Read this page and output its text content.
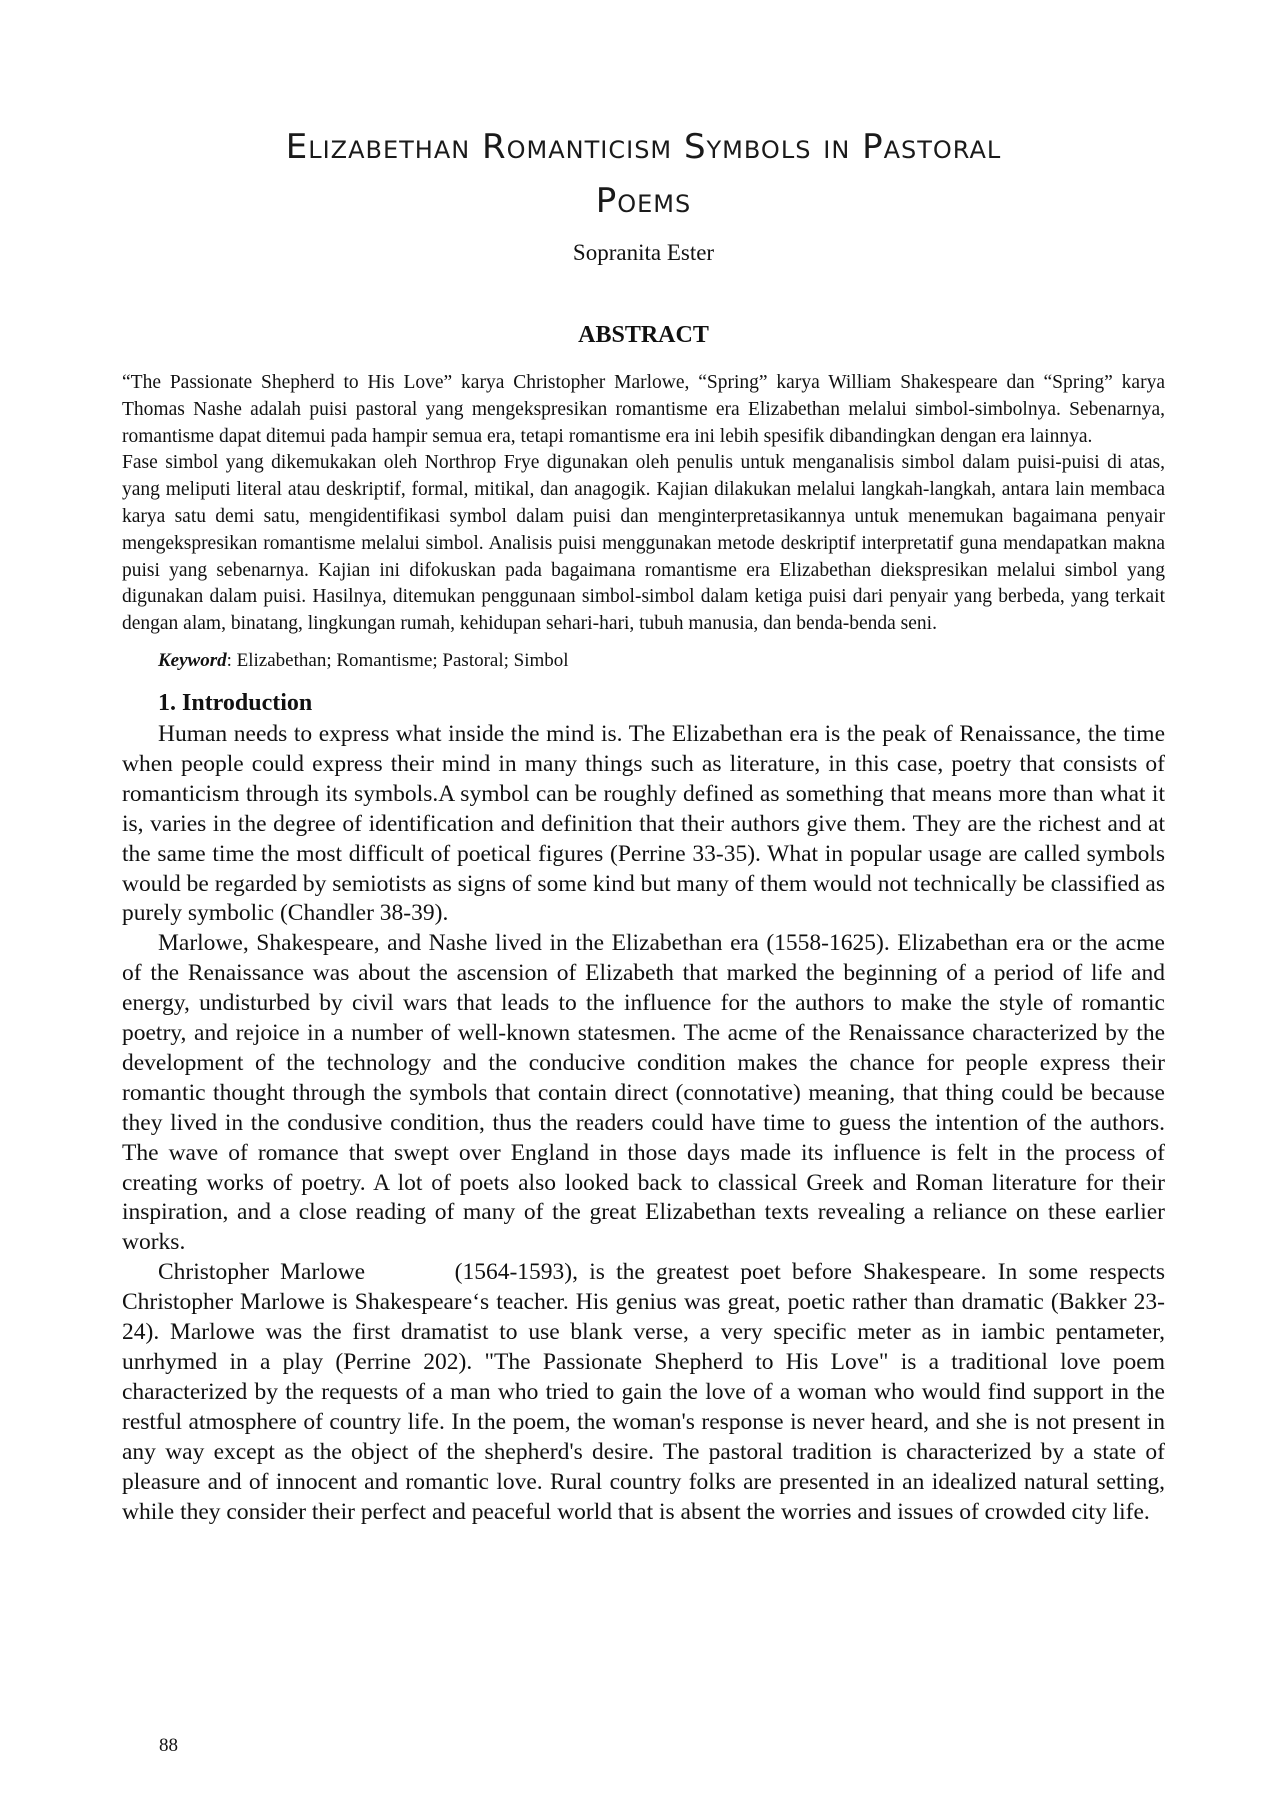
Elizabethan Romanticism Symbols in Pastoral
Poems
Sopranita Ester
ABSTRACT

“The Passionate Shepherd to His Love” karya Christopher Marlowe, “Spring” karya William Shakespeare dan “Spring” karya Thomas Nashe adalah puisi pastoral yang mengekspresikan romantisme era Elizabethan melalui simbol-simbolnya. Sebenarnya, romantisme dapat ditemui pada hampir semua era, tetapi romantisme era ini lebih spesifik dibandingkan dengan era lainnya.

Fase simbol yang dikemukakan oleh Northrop Frye digunakan oleh penulis untuk menganalisis simbol dalam puisi-puisi di atas, yang meliputi literal atau deskriptif, formal, mitikal, dan anagogik. Kajian dilakukan melalui langkah-langkah, antara lain membaca karya satu demi satu, mengidentifikasi symbol dalam puisi dan menginterpretasikannya untuk menemukan bagaimana penyair mengekspresikan romantisme melalui simbol. Analisis puisi menggunakan metode deskriptif interpretatif guna mendapatkan makna puisi yang sebenarnya. Kajian ini difokuskan pada bagaimana romantisme era Elizabethan diekspresikan melalui simbol yang digunakan dalam puisi. Hasilnya, ditemukan penggunaan simbol-simbol dalam ketiga puisi dari penyair yang berbeda, yang terkait dengan alam, binatang, lingkungan rumah, kehidupan sehari-hari, tubuh manusia, dan benda-benda seni.

Keyword: Elizabethan; Romantisme; Pastoral; Simbol
1. Introduction

Human needs to express what inside the mind is. The Elizabethan era is the peak of Renaissance, the time when people could express their mind in many things such as literature, in this case, poetry that consists of romanticism through its symbols.A symbol can be roughly defined as something that means more than what it is, varies in the degree of identification and definition that their authors give them. They are the richest and at the same time the most difficult of poetical figures (Perrine 33-35). What in popular usage are called symbols would be regarded by semiotists as signs of some kind but many of them would not technically be classified as purely symbolic (Chandler 38-39).

Marlowe, Shakespeare, and Nashe lived in the Elizabethan era (1558-1625). Elizabethan era or the acme of the Renaissance was about the ascension of Elizabeth that marked the beginning of a period of life and energy, undisturbed by civil wars that leads to the influence for the authors to make the style of romantic poetry, and rejoice in a number of well-known statesmen. The acme of the Renaissance characterized by the development of the technology and the conducive condition makes the chance for people express their romantic thought through the symbols that contain direct (connotative) meaning, that thing could be because they lived in the condusive condition, thus the readers could have time to guess the intention of the authors. The wave of romance that swept over England in those days made its influence is felt in the process of creating works of poetry. A lot of poets also looked back to classical Greek and Roman literature for their inspiration, and a close reading of many of the great Elizabethan texts revealing a reliance on these earlier works.

Christopher Marlowe        (1564-1593), is the greatest poet before Shakespeare. In some respects Christopher Marlowe is Shakespeare‘s teacher. His genius was great, poetic rather than dramatic (Bakker 23-24). Marlowe was the first dramatist to use blank verse, a very specific meter as in iambic pentameter, unrhymed in a play (Perrine 202). "The Passionate Shepherd to His Love" is a traditional love poem characterized by the requests of a man who tried to gain the love of a woman who would find support in the restful atmosphere of country life. In the poem, the woman's response is never heard, and she is not present in any way except as the object of the shepherd's desire. The pastoral tradition is characterized by a state of pleasure and of innocent and romantic love. Rural country folks are presented in an idealized natural setting, while they consider their perfect and peaceful world that is absent the worries and issues of crowded city life.

88
